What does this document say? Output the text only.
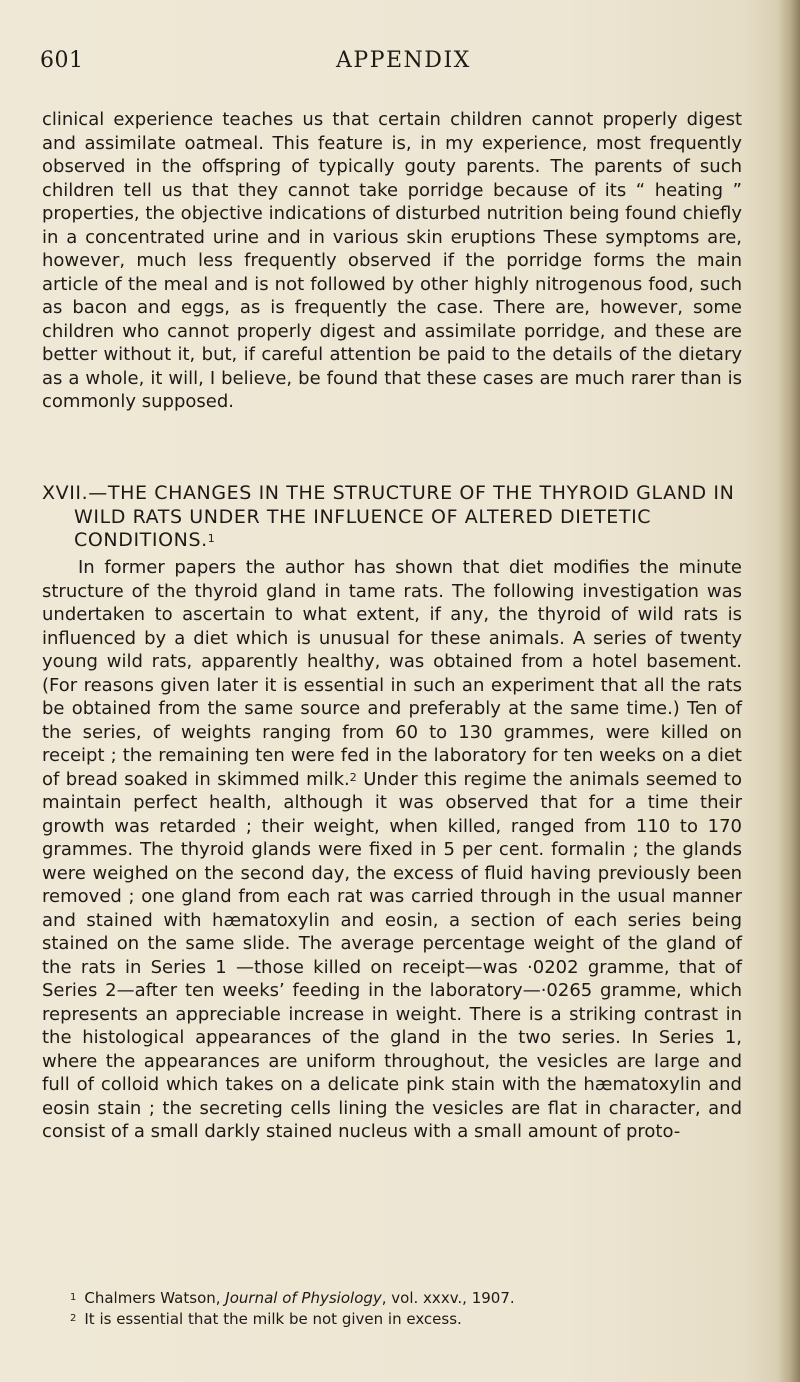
601	APPENDIX

clinical experience teaches us that certain children cannot properly digest and assimilate oatmeal. This feature is, in my experience, most frequently observed in the offspring of typically gouty parents. The parents of such children tell us that they cannot take porridge because of its “ heating ” properties, the objective indications of disturbed nutrition being found chiefly in a concentrated urine and in various skin eruptions These symptoms are, however, much less frequently observed if the porridge forms the main article of the meal and is not followed by other highly nitrogenous food, such as bacon and eggs, as is frequently the case. There are, however, some children who cannot properly digest and assimilate porridge, and these are better without it, but, if careful attention be paid to the details of the dietary as a whole, it will, I believe, be found that these cases are much rarer than is commonly supposed.

XVII.—THE CHANGES IN THE STRUCTURE OF THE THYROID GLAND IN WILD RATS UNDER THE INFLUENCE OF ALTERED DIETETIC CONDITIONS.$^1$

In former papers the author has shown that diet modifies the minute structure of the thyroid gland in tame rats. The following investigation was undertaken to ascertain to what extent, if any, the thyroid of wild rats is influenced by a diet which is unusual for these animals. A series of twenty young wild rats, apparently healthy, was obtained from a hotel basement. (For reasons given later it is essential in such an experiment that all the rats be obtained from the same source and preferably at the same time.) Ten of the series, of weights ranging from 60 to 130 grammes, were killed on receipt ; the remaining ten were fed in the laboratory for ten weeks on a diet of bread soaked in skimmed milk.$^2$ Under this regime the animals seemed to maintain perfect health, although it was observed that for a time their growth was retarded ; their weight, when killed, ranged from 110 to 170 grammes. The thyroid glands were fixed in 5 per cent. formalin ; the glands were weighed on the second day, the excess of fluid having previously been removed ; one gland from each rat was carried through in the usual manner and stained with hæmatoxylin and eosin, a section of each series being stained on the same slide. The average percentage weight of the gland of the rats in Series 1 —those killed on receipt—was ·0202 gramme, that of Series 2—after ten weeks’ feeding in the laboratory—·0265 gramme, which represents an appreciable increase in weight. There is a striking contrast in the histological appearances of the gland in the two series. In Series 1, where the appearances are uniform throughout, the vesicles are large and full of colloid which takes on a delicate pink stain with the hæmatoxylin and eosin stain ; the secreting cells lining the vesicles are flat in character, and consist of a small darkly stained nucleus with a small amount of proto-

$^1$ Chalmers Watson, Journal of Physiology, vol. xxxv., 1907.

$^2$ It is essential that the milk be not given in excess.
